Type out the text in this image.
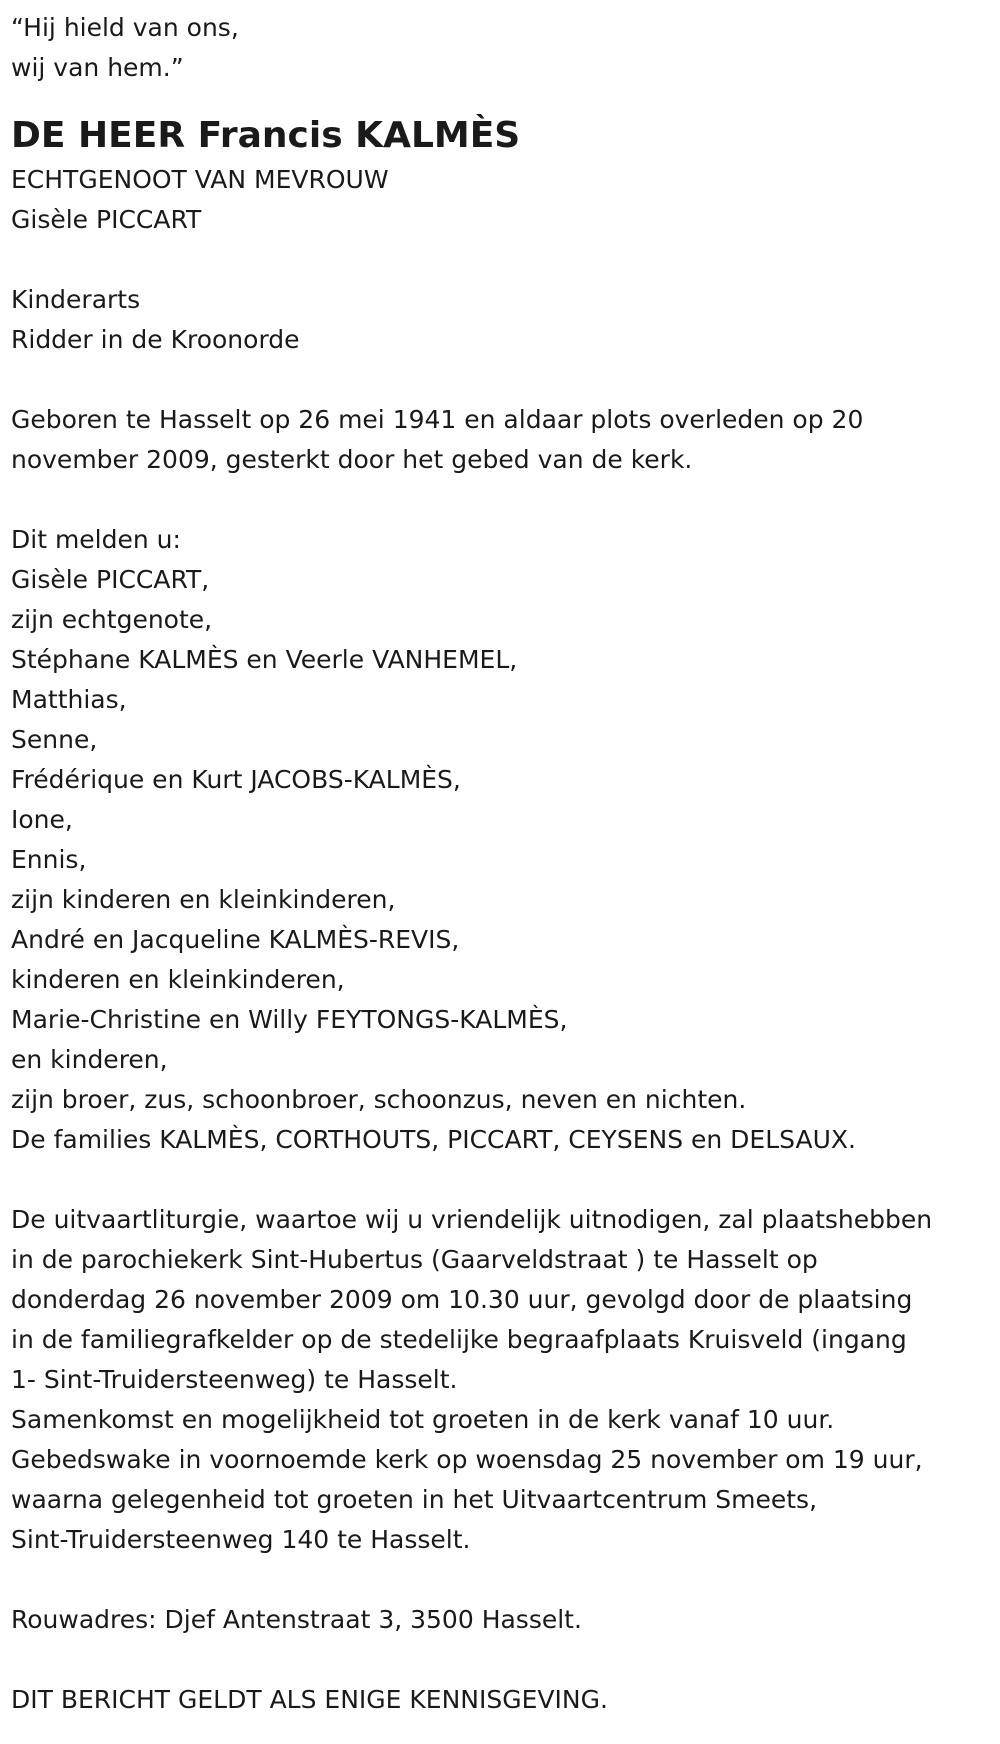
“Hij hield van ons,
wij van hem.”
DE HEER Francis KALMÈS
ECHTGENOOT VAN MEVROUW
Gisèle PICCART
Kinderarts
Ridder in de Kroonorde
Geboren te Hasselt op 26 mei 1941 en aldaar plots overleden op 20
november 2009, gesterkt door het gebed van de kerk.
Dit melden u:
Gisèle PICCART,
zijn echtgenote,
Stéphane KALMÈS en Veerle VANHEMEL,
Matthias,
Senne,
Frédérique en Kurt JACOBS-KALMÈS,
Ione,
Ennis,
zijn kinderen en kleinkinderen,
André en Jacqueline KALMÈS-REVIS,
kinderen en kleinkinderen,
Marie-Christine en Willy FEYTONGS-KALMÈS,
en kinderen,
zijn broer, zus, schoonbroer, schoonzus, neven en nichten.
De families KALMÈS, CORTHOUTS, PICCART, CEYSENS en DELSAUX.
De uitvaartliturgie, waartoe wij u vriendelijk uitnodigen, zal plaatshebben
in de parochiekerk Sint-Hubertus (Gaarveldstraat ) te Hasselt op
donderdag 26 november 2009 om 10.30 uur, gevolgd door de plaatsing
in de familiegrafkelder op de stedelijke begraafplaats Kruisveld (ingang
1- Sint-Truidersteenweg) te Hasselt.
Samenkomst en mogelijkheid tot groeten in de kerk vanaf 10 uur.
Gebedswake in voornoemde kerk op woensdag 25 november om 19 uur,
waarna gelegenheid tot groeten in het Uitvaartcentrum Smeets,
Sint-Truidersteenweg 140 te Hasselt.
Rouwadres: Djef Antenstraat 3, 3500 Hasselt.
DIT BERICHT GELDT ALS ENIGE KENNISGEVING.
